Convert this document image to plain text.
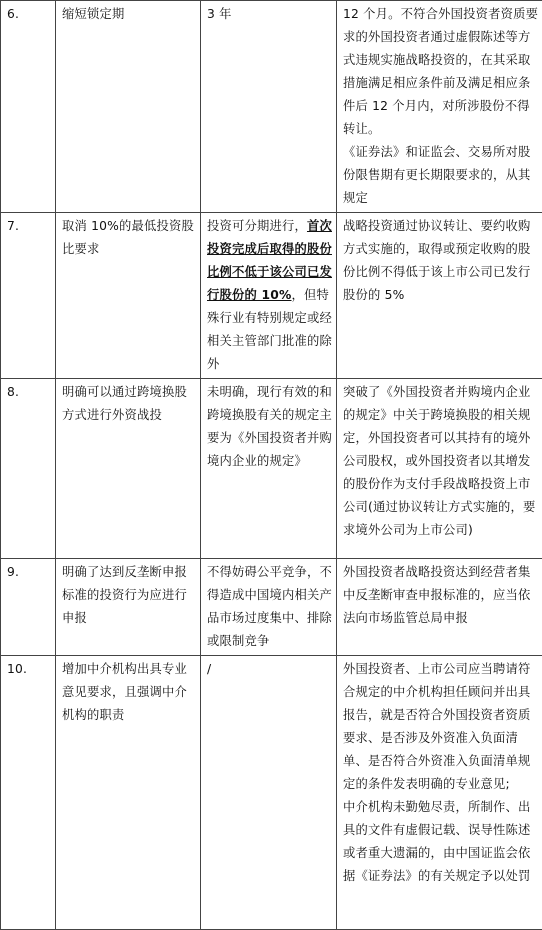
6.	缩短锁定期	3 年	12 个月。不符合外国投资者资质要求的外国投资者通过虚假陈述等方式违规实施战略投资的，在其采取措施满足相应条件前及满足相应条件后 12 个月内，对所涉股份不得转让。

《证券法》和证监会、交易所对股份限售期有更长期限要求的，从其规定

7.	取消 10%的最低投资股比要求	投资可分期进行，首次投资完成后取得的股份比例不低于该公司已发行股份的 10%，但特殊行业有特别规定或经相关主管部门批准的除外	战略投资通过协议转让、要约收购方式实施的，取得或预定收购的股份比例不得低于该上市公司已发行股份的 5%

8.	明确可以通过跨境换股方式进行外资战投	未明确，现行有效的和跨境换股有关的规定主要为《外国投资者并购境内企业的规定》	突破了《外国投资者并购境内企业的规定》中关于跨境换股的相关规定，外国投资者可以其持有的境外公司股权，或外国投资者以其增发的股份作为支付手段战略投资上市公司(通过协议转让方式实施的，要求境外公司为上市公司)

9.	明确了达到反垄断申报标准的投资行为应进行申报	不得妨碍公平竞争，不得造成中国境内相关产品市场过度集中、排除或限制竞争	外国投资者战略投资达到经营者集中反垄断审查申报标准的，应当依法向市场监管总局申报

10.	增加中介机构出具专业意见要求，且强调中介机构的职责	/	外国投资者、上市公司应当聘请符合规定的中介机构担任顾问并出具报告，就是否符合外国投资者资质要求、是否涉及外资准入负面清单、是否符合外资准入负面清单规定的条件发表明确的专业意见;

中介机构未勤勉尽责，所制作、出具的文件有虚假记载、误导性陈述或者重大遗漏的，由中国证监会依据《证券法》的有关规定予以处罚
